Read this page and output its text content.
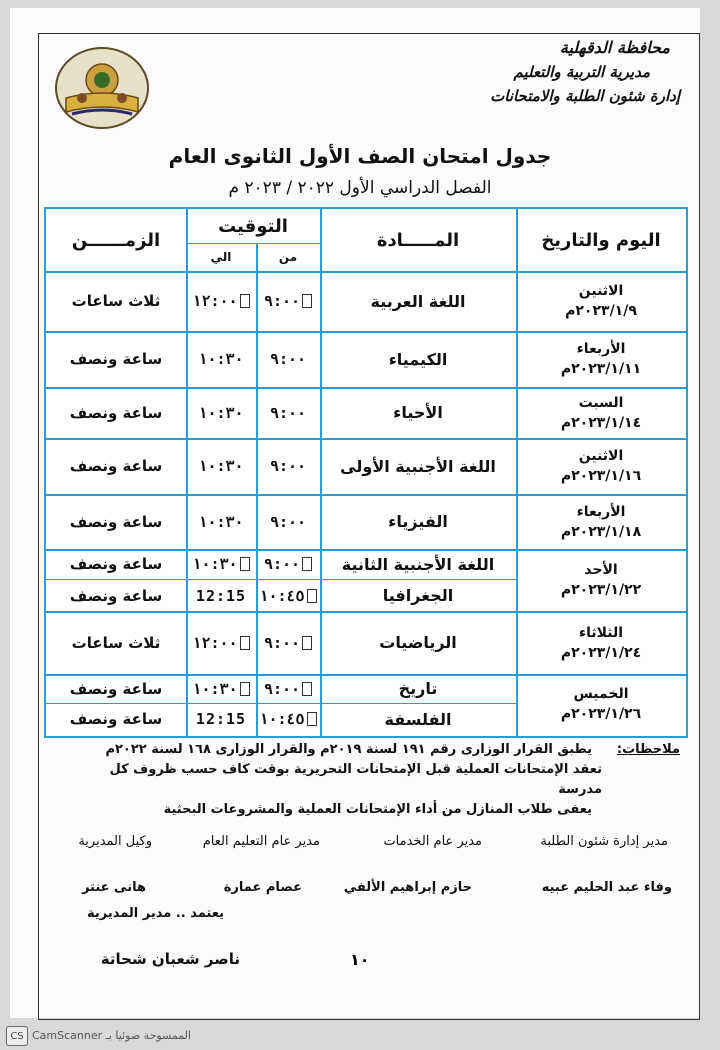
محافظة الدقهلية
مديرية التربية والتعليم
إدارة شئون الطلبة والامتحانات
جدول امتحان الصف الأول الثانوى العام
الفصل الدراسي الأول ٢٠٢٢ / ٢٠٢٣ م
اليوم والتاريخ
المـــــادة
التوقيت
من
الي
الزمــــــن
الاثنين
٢٠٢٣/١/٩م
اللغة العربية
٩:٠٠
١٢:٠٠
ثلاث ساعات
الأربعاء
٢٠٢٣/١/١١م
الكيمياء
٩:٠٠
١٠:٣٠
ساعة ونصف
السبت
٢٠٢٣/١/١٤م
الأحياء
٩:٠٠
١٠:٣٠
ساعة ونصف
الاثنين
٢٠٢٣/١/١٦م
اللغة الأجنبية الأولى
٩:٠٠
١٠:٣٠
ساعة ونصف
الأربعاء
٢٠٢٣/١/١٨م
الفيزياء
٩:٠٠
١٠:٣٠
ساعة ونصف
الأحد
٢٠٢٣/١/٢٢م
اللغة الأجنبية الثانية
٩:٠٠
١٠:٣٠
ساعة ونصف
الجغرافيا
١٠:٤٥
12:15
ساعة ونصف
الثلاثاء
٢٠٢٣/١/٢٤م
الرياضيات
٩:٠٠
١٢:٠٠
ثلاث ساعات
الخميس
٢٠٢٣/١/٢٦م
تاريخ
٩:٠٠
١٠:٣٠
ساعة ونصف
الفلسفة
١٠:٤٥
12:15
ساعة ونصف
ملاحظات:
يطبق القرار الوزارى رقم ١٩١ لسنة ٢٠١٩م والقرار الوزارى ١٦٨ لسنة ٢٠٢٢م
تعقد الإمتحانات العملية قبل الإمتحانات التحريرية بوقت كاف حسب ظروف كل مدرسة
يعفى طلاب المنازل من أداء الإمتحانات العملية والمشروعات البحثية
مدير إدارة شئون الطلبة
مدير عام الخدمات
مدير عام التعليم العام
وكيل المديرية
وفاء عبد الحليم عبيه
حازم إبراهيم الألفي
عصام عمارة
هانى عنتر
يعتمد .. مدير المديرية
ناصر شعبان شحاتة	١٠
CS الممسوحة ضوئيا بـ CamScanner
